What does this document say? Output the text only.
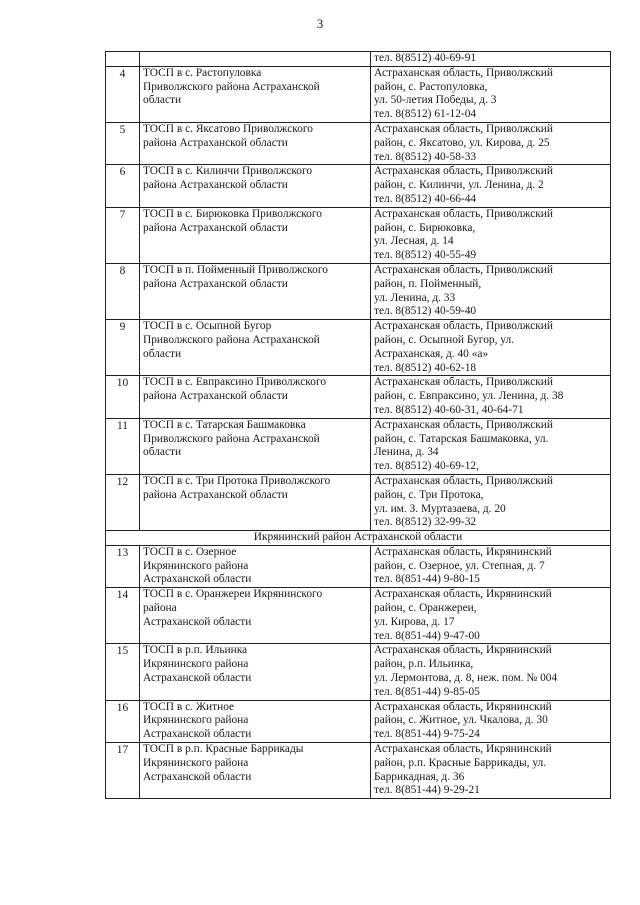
3

		тел. 8(8512) 40-69-91

4	ТОСП в с. Растопуловка
Приволжского района Астраханской
области	Астраханская область, Приволжский
район, с. Растопуловка,
ул. 50-летия Победы, д. 3
тел. 8(8512) 61-12-04

5	ТОСП в с. Яксатово Приволжского
района Астраханской области	Астраханская область, Приволжский
район, с. Яксатово, ул. Кирова, д. 25
тел. 8(8512) 40-58-33

6	ТОСП в с. Килинчи Приволжского
района Астраханской области	Астраханская область, Приволжский
район, с. Килинчи, ул. Ленина, д. 2
тел. 8(8512) 40-66-44

7	ТОСП в с. Бирюковка Приволжского
района Астраханской области	Астраханская область, Приволжский
район, с. Бирюковка,
ул. Лесная, д. 14
тел. 8(8512) 40-55-49

8	ТОСП в п. Пойменный Приволжского
района Астраханской области	Астраханская область, Приволжский
район, п. Пойменный,
ул. Ленина, д. 33
тел. 8(8512) 40-59-40

9	ТОСП в с. Осыпной Бугор
Приволжского района Астраханской
области	Астраханская область, Приволжский
район, с. Осыпной Бугор, ул.
Астраханская, д. 40 «а»
тел. 8(8512) 40-62-18

10	ТОСП в с. Евпраксино Приволжского
района Астраханской области	Астраханская область, Приволжский
район, с. Евпраксино, ул. Ленина, д. 38
тел. 8(8512) 40-60-31, 40-64-71

11	ТОСП в с. Татарская Башмаковка
Приволжского района Астраханской
области	Астраханская область, Приволжский
район, с. Татарская Башмаковка, ул.
Ленина, д. 34
тел. 8(8512) 40-69-12,

12	ТОСП в с. Три Протока Приволжского
района Астраханской области	Астраханская область, Приволжский
район, с. Три Протока,
ул. им. З. Муртазаева, д. 20
тел. 8(8512) 32-99-32

Икрянинский район Астраханской области		
13	ТОСП в с. Озерное
Икрянинского района
Астраханской области	Астраханская область, Икрянинский
район, с. Озерное, ул. Степная, д. 7
тел. 8(851-44) 9-80-15

14	ТОСП в с. Оранжереи Икрянинского
района
Астраханской области	Астраханская область, Икрянинский
район, с. Оранжереи,
ул. Кирова, д. 17
тел. 8(851-44) 9-47-00

15	ТОСП в р.п. Ильинка
Икрянинского района
Астраханской области	Астраханская область, Икрянинский
район, р.п. Ильинка,
ул. Лермонтова, д. 8, неж. пом. № 004
тел. 8(851-44) 9-85-05

16	ТОСП в с. Житное
Икрянинского района
Астраханской области	Астраханская область, Икрянинский
район, с. Житное, ул. Чкалова, д. 30
тел. 8(851-44) 9-75-24

17	ТОСП в р.п. Красные Баррикады
Икрянинского района
Астраханской области	Астраханская область, Икрянинский
район, р.п. Красные Баррикады, ул.
Баррикадная, д. 36
тел. 8(851-44) 9-29-21
